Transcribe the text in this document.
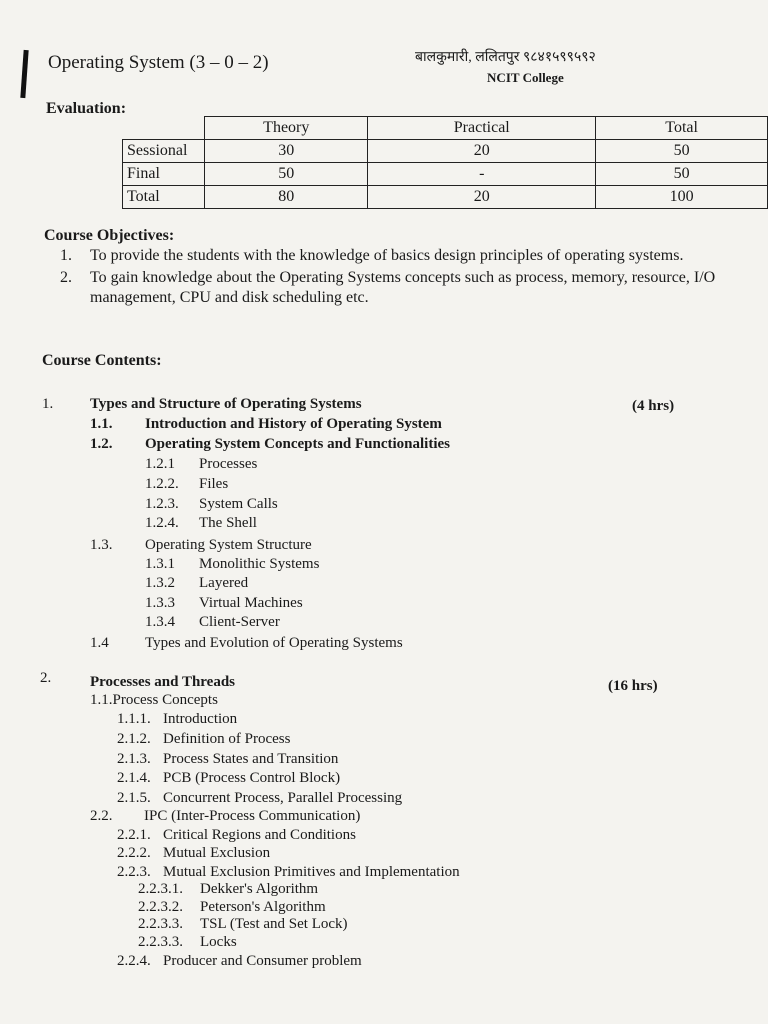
Operating System (3 – 0 – 2)	बालकुमारी, ललितपुर ९८४१५९९५९२
NCIT College
Evaluation:
	Theory	Practical	Total
Sessional	30	20	50
Final	50	-	50
Total	80	20	100
Course Objectives:
1. To provide the students with the knowledge of basics design principles of operating systems.
2. To gain knowledge about the Operating Systems concepts such as process, memory, resource, I/O management, CPU and disk scheduling etc.
Course Contents:
1. Types and Structure of Operating Systems	(4 hrs)
1.1. Introduction and History of Operating System
1.2. Operating System Concepts and Functionalities
1.2.1 Processes
1.2.2. Files
1.2.3. System Calls
1.2.4. The Shell
1.3. Operating System Structure
1.3.1 Monolithic Systems
1.3.2 Layered
1.3.3 Virtual Machines
1.3.4 Client-Server
1.4 Types and Evolution of Operating Systems
2.	Processes and Threads	(16 hrs)
1.1.Process Concepts
1.1.1. Introduction
2.1.2. Definition of Process
2.1.3. Process States and Transition
2.1.4. PCB (Process Control Block)
2.1.5. Concurrent Process, Parallel Processing
2.2. IPC (Inter-Process Communication)
2.2.1. Critical Regions and Conditions
2.2.2. Mutual Exclusion
2.2.3. Mutual Exclusion Primitives and Implementation
2.2.3.1. Dekker's Algorithm
2.2.3.2. Peterson's Algorithm
2.2.3.3. TSL (Test and Set Lock)
2.2.3.3. Locks
2.2.4. Producer and Consumer problem
